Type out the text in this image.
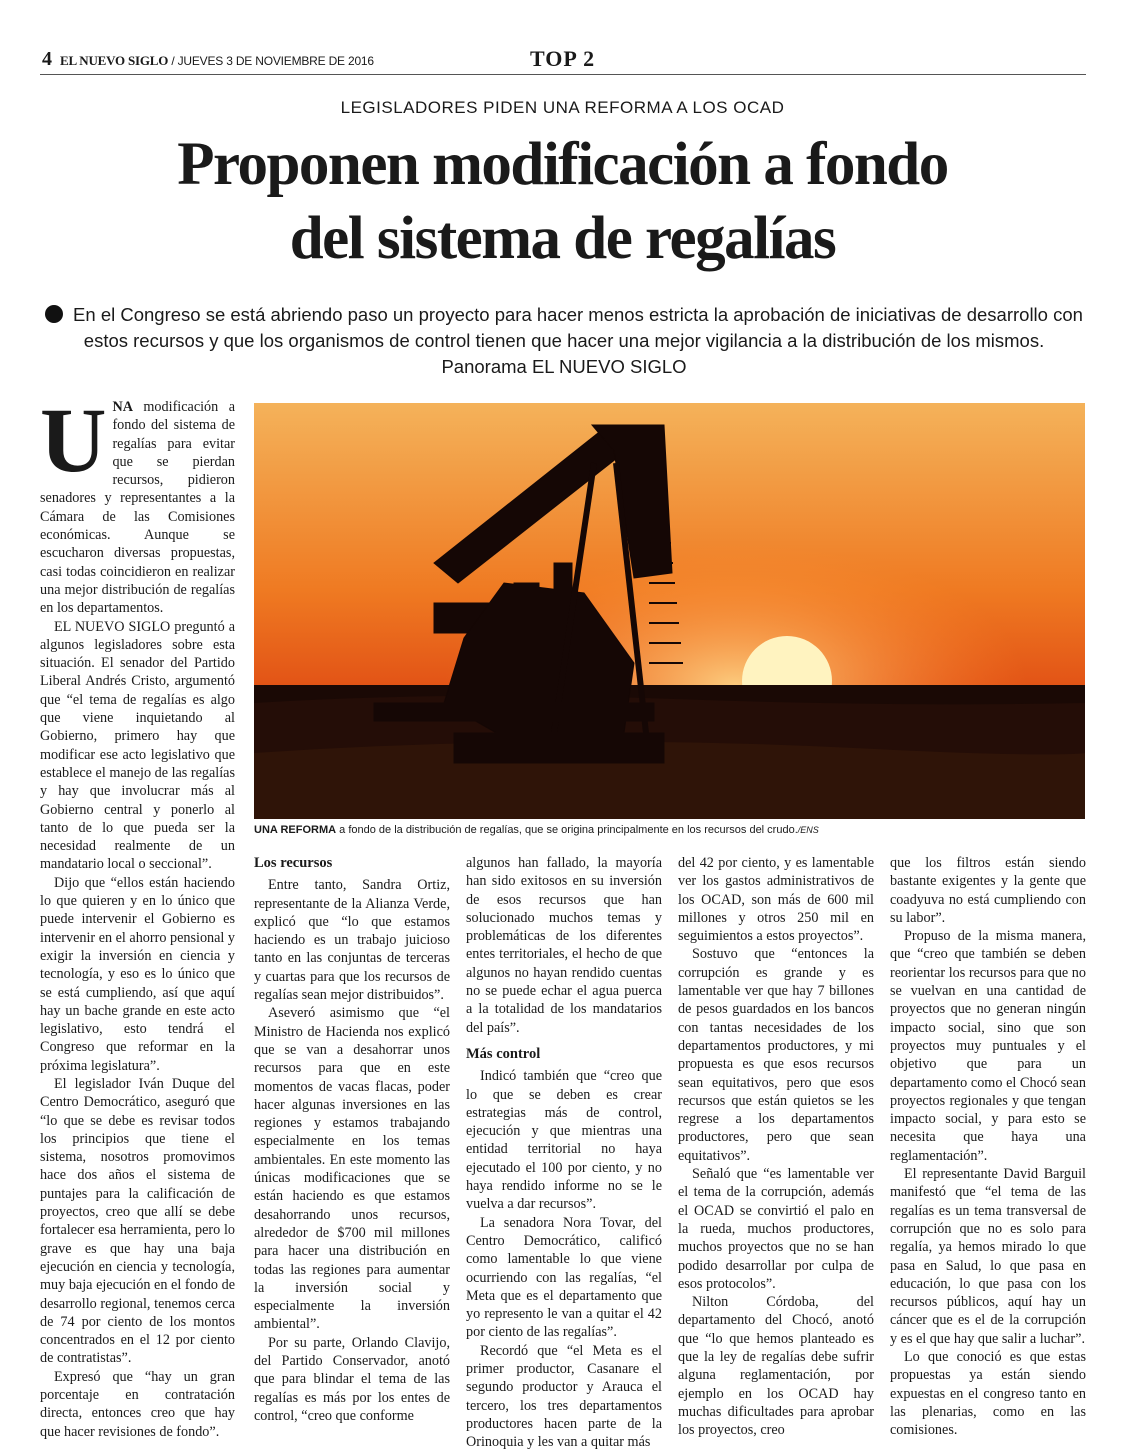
4 EL NUEVO SIGLO / JUEVES 3 DE NOVIEMBRE DE 2016	TOP 2
LEGISLADORES PIDEN UNA REFORMA A LOS OCAD
Proponen modificación a fondo
del sistema de regalías
En el Congreso se está abriendo paso un proyecto para hacer menos estricta la aprobación de iniciativas de desarrollo con estos recursos y que los organismos de control tienen que hacer una mejor vigilancia a la distribución de los mismos.
Panorama EL NUEVO SIGLO

UNA modificación a fondo del sistema de regalías para evitar que se pierdan recursos, pidieron senadores y representantes a la Cámara de las Comisiones económicas. Aunque se escucharon diversas propuestas, casi todas coincidieron en realizar una mejor distribución de regalías en los departamentos.

EL NUEVO SIGLO preguntó a algunos legisladores sobre esta situación. El senador del Partido Liberal Andrés Cristo, argumentó que “el tema de regalías es algo que viene inquietando al Gobierno, primero hay que modificar ese acto legislativo que establece el manejo de las regalías y hay que involucrar más al Gobierno central y ponerlo al tanto de lo que pueda ser la necesidad realmente de un mandatario local o seccional”.

Dijo que “ellos están haciendo lo que quieren y en lo único que puede intervenir el Gobierno es intervenir en el ahorro pensional y exigir la inversión en ciencia y tecnología, y eso es lo único que se está cumpliendo, así que aquí hay un bache grande en este acto legislativo, esto tendrá el Congreso que reformar en la próxima legislatura”.

El legislador Iván Duque del Centro Democrático, aseguró que “lo que se debe es revisar todos los principios que tiene el sistema, nosotros promovimos hace dos años el sistema de puntajes para la calificación de proyectos, creo que allí se debe fortalecer esa herramienta, pero lo grave es que hay una baja ejecución en ciencia y tecnología, muy baja ejecución en el fondo de desarrollo regional, tenemos cerca de 74 por ciento de los montos concentrados en el 12 por ciento de contratistas”.

Expresó que “hay un gran porcentaje en contratación directa, entonces creo que hay que hacer revisiones de fondo”.

UNA REFORMA a fondo de la distribución de regalías, que se origina principalmente en los recursos del crudo./ENS
Los recursos

Entre tanto, Sandra Ortiz, representante de la Alianza Verde, explicó que “lo que estamos haciendo es un trabajo juicioso tanto en las conjuntas de terceras y cuartas para que los recursos de regalías sean mejor distribuidos”.

Aseveró asimismo que “el Ministro de Hacienda nos explicó que se van a desahorrar unos recursos para que en este momentos de vacas flacas, poder hacer algunas inversiones en las regiones y estamos trabajando especialmente en los temas ambientales. En este momento las únicas modificaciones que se están haciendo es que estamos desahorrando unos recursos, alrededor de $700 mil millones para hacer una distribución en todas las regiones para aumentar la inversión social y especialmente la inversión ambiental”.

Por su parte, Orlando Clavijo, del Partido Conservador, anotó que para blindar el tema de las regalías es más por los entes de control, “creo que conforme

algunos han fallado, la mayoría han sido exitosos en su inversión de esos recursos que han solucionado muchos temas y problemáticas de los diferentes entes territoriales, el hecho de que algunos no hayan rendido cuentas no se puede echar el agua puerca a la totalidad de los mandatarios del país”.

Más control

Indicó también que “creo que lo que se deben es crear estrategias más de control, ejecución y que mientras una entidad territorial no haya ejecutado el 100 por ciento, y no haya rendido informe no se le vuelva a dar recursos”.

La senadora Nora Tovar, del Centro Democrático, calificó como lamentable lo que viene ocurriendo con las regalías, “el Meta que es el departamento que yo represento le van a quitar el 42 por ciento de las regalías”.

Recordó que “el Meta es el primer productor, Casanare el segundo productor y Arauca el tercero, los tres departamentos productores hacen parte de la Orinoquia y les van a quitar más

del 42 por ciento, y es lamentable ver los gastos administrativos de los OCAD, son más de 600 mil millones y otros 250 mil en seguimientos a estos proyectos”.

Sostuvo que “entonces la corrupción es grande y es lamentable ver que hay 7 billones de pesos guardados en los bancos con tantas necesidades de los departamentos productores, y mi propuesta es que esos recursos sean equitativos, pero que esos recursos que están quietos se les regrese a los departamentos productores, pero que sean equitativos”.

Señaló que “es lamentable ver el tema de la corrupción, además el OCAD se convirtió el palo en la rueda, muchos productores, muchos proyectos que no se han podido desarrollar por culpa de esos protocolos”.

Nilton Córdoba, del departamento del Chocó, anotó que “lo que hemos planteado es que la ley de regalías debe sufrir alguna reglamentación, por ejemplo en los OCAD hay muchas dificultades para aprobar los proyectos, creo

que los filtros están siendo bastante exigentes y la gente que coadyuva no está cumpliendo con su labor”.

Propuso de la misma manera, que “creo que también se deben reorientar los recursos para que no se vuelvan en una cantidad de proyectos que no generan ningún impacto social, sino que son proyectos muy puntuales y el objetivo que para un departamento como el Chocó sean proyectos regionales y que tengan impacto social, y para esto se necesita que haya una reglamentación”.

El representante David Barguil manifestó que “el tema de las regalías es un tema transversal de corrupción que no es solo para regalía, ya hemos mirado lo que pasa en Salud, lo que pasa en educación, lo que pasa con los recursos públicos, aquí hay un cáncer que es el de la corrupción y es el que hay que salir a luchar”.

Lo que conoció es que estas propuestas ya están siendo expuestas en el congreso tanto en las plenarias, como en las comisiones.
